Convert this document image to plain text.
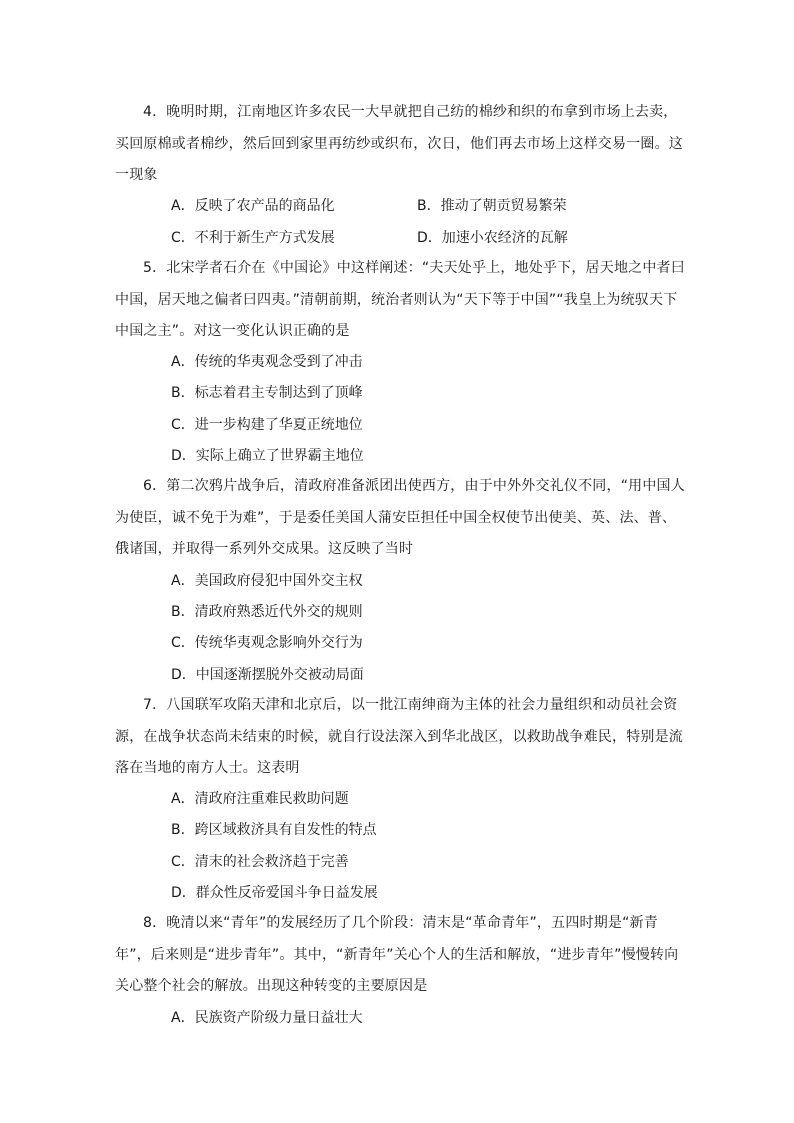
4．晚明时期，江南地区许多农民一大早就把自己纺的棉纱和织的布拿到市场上去卖，买回原棉或者棉纱，然后回到家里再纺纱或织布，次日，他们再去市场上这样交易一圈。这一现象
A．反映了农产品的商品化	B．推动了朝贡贸易繁荣
C．不利于新生产方式发展	D．加速小农经济的瓦解
5．北宋学者石介在《中国论》中这样阐述：“夫天处乎上，地处乎下，居天地之中者曰中国，居天地之偏者曰四夷。”清朝前期，统治者则认为“天下等于中国”“我皇上为统驭天下中国之主”。对这一变化认识正确的是
A．传统的华夷观念受到了冲击
B．标志着君主专制达到了顶峰
C．进一步构建了华夏正统地位
D．实际上确立了世界霸主地位
6．第二次鸦片战争后，清政府准备派团出使西方，由于中外外交礼仪不同，“用中国人为使臣，诚不免于为难”，于是委任美国人蒲安臣担任中国全权使节出使美、英、法、普、俄诸国，并取得一系列外交成果。这反映了当时
A．美国政府侵犯中国外交主权
B．清政府熟悉近代外交的规则
C．传统华夷观念影响外交行为
D．中国逐渐摆脱外交被动局面
7．八国联军攻陷天津和北京后，以一批江南绅商为主体的社会力量组织和动员社会资源，在战争状态尚未结束的时候，就自行设法深入到华北战区，以救助战争难民，特别是流落在当地的南方人士。这表明
A．清政府注重难民救助问题
B．跨区域救济具有自发性的特点
C．清末的社会救济趋于完善
D．群众性反帝爱国斗争日益发展
8．晚清以来“青年”的发展经历了几个阶段：清末是“革命青年”，五四时期是“新青年”，后来则是“进步青年”。其中，“新青年”关心个人的生活和解放，“进步青年”慢慢转向关心整个社会的解放。出现这种转变的主要原因是
A．民族资产阶级力量日益壮大
